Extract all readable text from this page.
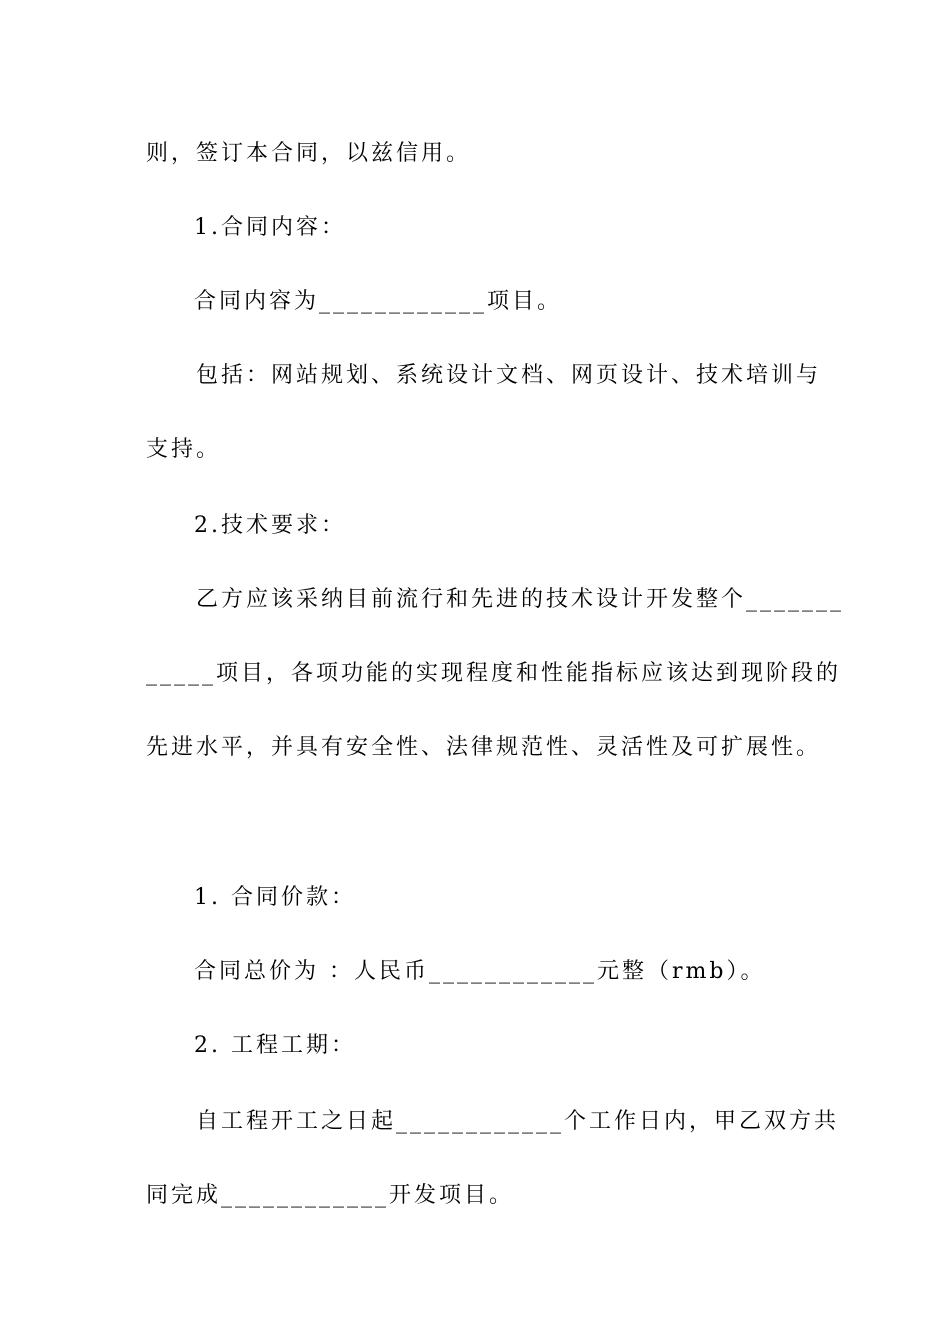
则，签订本合同，以兹信用。
1.合同内容：
合同内容为____________项目。
包括：网站规划、系统设计文档、网页设计、技术培训与
支持。
2.技术要求：
乙方应该采纳目前流行和先进的技术设计开发整个_______
_____项目，各项功能的实现程度和性能指标应该达到现阶段的
先进水平，并具有安全性、法律规范性、灵活性及可扩展性。
1. 合同价款：
合同总价为 ：人民币____________元整（rmb）。
2. 工程工期：
自工程开工之日起____________个工作日内，甲乙双方共
同完成____________开发项目。
